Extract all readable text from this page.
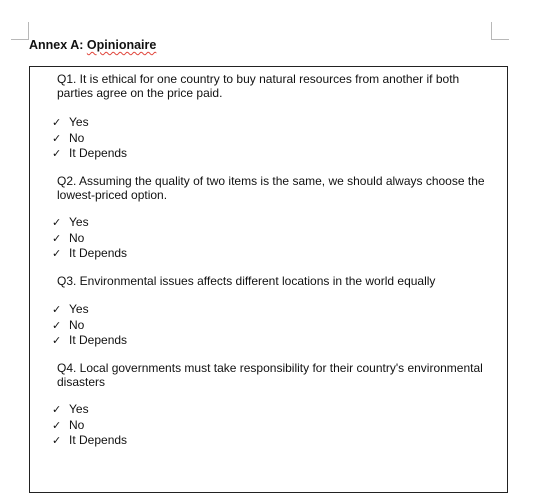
Annex A: Opinionaire
Q1. It is ethical for one country to buy natural resources from another if both parties agree on the price paid.
✓ Yes
✓ No
✓ It Depends
Q2. Assuming the quality of two items is the same, we should always choose the lowest-priced option.
✓ Yes
✓ No
✓ It Depends
Q3. Environmental issues affects different locations in the world equally
✓ Yes
✓ No
✓ It Depends
Q4. Local governments must take responsibility for their country's environmental disasters
✓ Yes
✓ No
✓ It Depends
